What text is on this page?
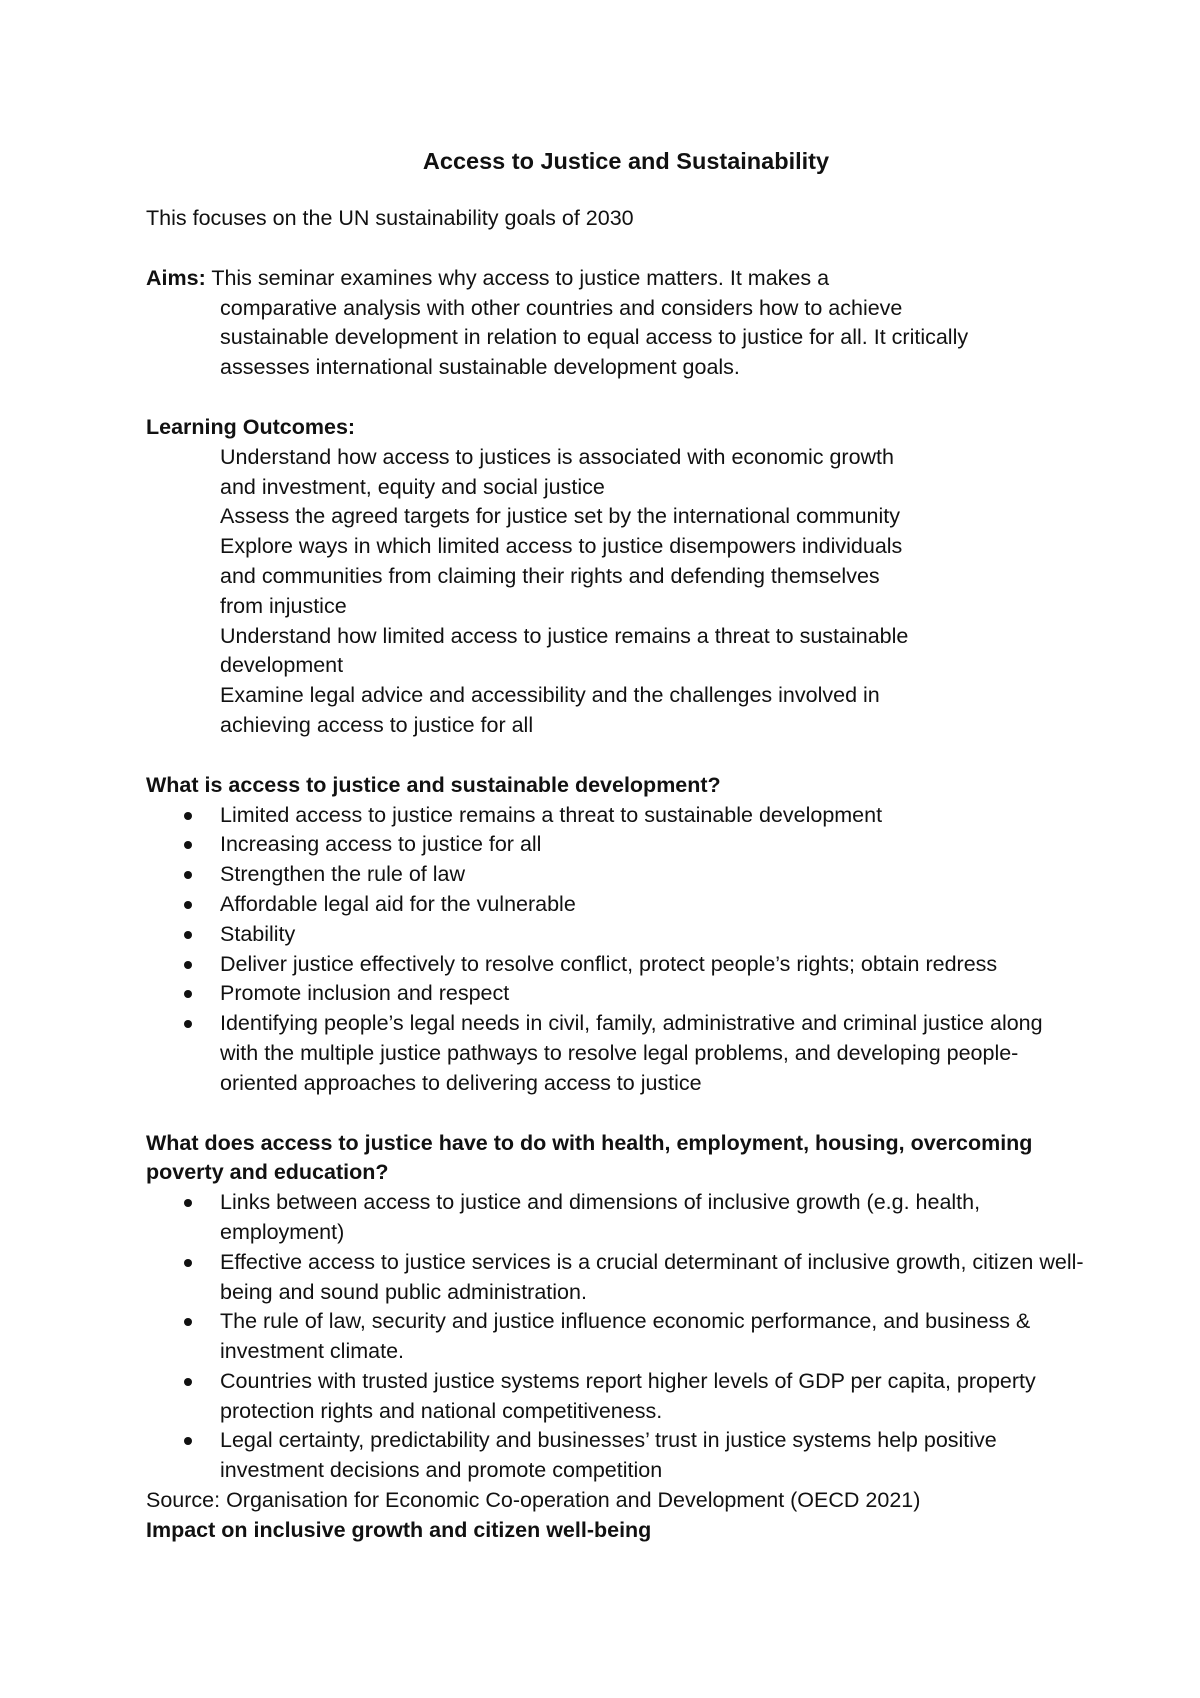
Access to Justice and Sustainability

This focuses on the UN sustainability goals of 2030

Aims: This seminar examines why access to justice matters. It makes a

comparative analysis with other countries and considers how to achieve

sustainable development in relation to equal access to justice for all. It critically

assesses international sustainable development goals.

Learning Outcomes:

Understand how access to justices is associated with economic growth
and investment, equity and social justice
Assess the agreed targets for justice set by the international community
Explore ways in which limited access to justice disempowers individuals
and communities from claiming their rights and defending themselves
from injustice
Understand how limited access to justice remains a threat to sustainable
development
Examine legal advice and accessibility and the challenges involved in
achieving access to justice for all

What is access to justice and sustainable development?

Limited access to justice remains a threat to sustainable development
Increasing access to justice for all
Strengthen the rule of law
Affordable legal aid for the vulnerable
Stability
Deliver justice effectively to resolve conflict, protect people’s rights; obtain redress
Promote inclusion and respect
Identifying people’s legal needs in civil, family, administrative and criminal justice along with the multiple justice pathways to resolve legal problems, and developing people- oriented approaches to delivering access to justice

What does access to justice have to do with health, employment, housing, overcoming poverty and education?

Links between access to justice and dimensions of inclusive growth (e.g. health, employment)
Effective access to justice services is a crucial determinant of inclusive growth, citizen well-being and sound public administration.
The rule of law, security and justice influence economic performance, and business & investment climate.
Countries with trusted justice systems report higher levels of GDP per capita, property protection rights and national competitiveness.
Legal certainty, predictability and businesses’ trust in justice systems help positive investment decisions and promote competition

Source: Organisation for Economic Co-operation and Development (OECD 2021)

Impact on inclusive growth and citizen well-being
